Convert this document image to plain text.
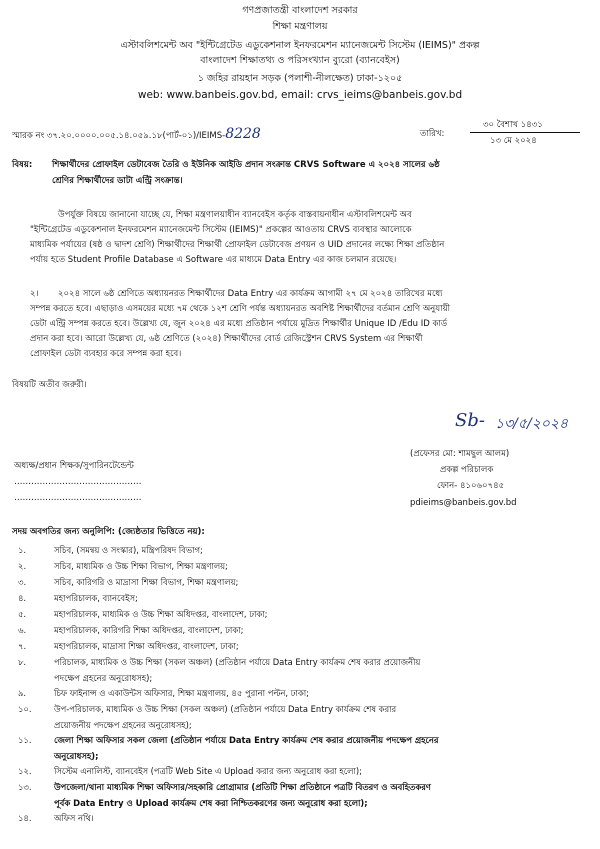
গণপ্রজাতন্ত্রী বাংলাদেশ সরকার
শিক্ষা মন্ত্রণালয়
এস্টাবলিশমেন্ট অব "ইন্টিগ্রেটেড এডুকেশনাল ইনফরমেশন ম্যানেজমেন্ট সিস্টেম (IEIMS)" প্রকল্প
বাংলাদেশ শিক্ষাতথ্য ও পরিসংখ্যান ব্যুরো (ব্যানবেইস)
১ জহির রায়হান সড়ক (পলাশী-নীলক্ষেত) ঢাকা-১২০৫
web: www.banbeis.gov.bd, email: crvs_ieims@banbeis.gov.bd
স্মারক নং ৩৭.২০.০০০০.০০৫.১৪.০৫৯.১৮(পার্ট-০১)/IEIMS-8228	তারিখ:
৩০ বৈশাখ ১৪৩১
১৩ মে ২০২৪
বিষয়: শিক্ষার্থীদের প্রোফাইল ডেটাবেজ তৈরি ও ইউনিক আইডি প্রদান সংক্রান্ত CRVS Software এ ২০২৪ সালের ৬ষ্ঠ
শ্রেণির শিক্ষার্থীদের ডাটা এন্ট্রি সংক্রান্ত।
উপর্যুক্ত বিষয়ে জানানো যাচ্ছে যে, শিক্ষা মন্ত্রণালয়াধীন ব্যানবেইস কর্তৃক বাস্তবায়নাধীন এস্টাবলিশমেন্ট অব
"ইন্টিগ্রেটেড এডুকেশনাল ইনফরমেশন ম্যানেজমেন্ট সিস্টেম (IEIMS)" প্রকল্পের আওতায় CRVS ব্যবস্থার আলোকে
মাধ্যমিক পর্যায়ের (ষষ্ঠ ও দ্বাদশ শ্রেণি) শিক্ষার্থীদের শিক্ষার্থী প্রোফাইল ডেটাবেজ প্রণয়ন ও UID প্রদানের লক্ষ্যে শিক্ষা প্রতিষ্ঠান
পর্যায় হতে Student Profile Database এ Software এর মাধ্যমে Data Entry এর কাজ চলমান রয়েছে।
২।	২০২৪ সালে ৬ষ্ঠ শ্রেণিতে অধ্যায়নরত শিক্ষার্থীদের Data Entry এর কার্যক্রম আগামী ২৭ মে ২০২৪ তারিখের মধ্যে
সম্পন্ন করতে হবে। এছাড়াও এসময়ের মধ্যে ৭ম থেকে ১২শ শ্রেণি পর্যন্ত অধ্যায়নরত অবশিষ্ট শিক্ষার্থীদের বর্তমান শ্রেণি অনুযায়ী
ডেটা এন্ট্রি সম্পন্ন করতে হবে। উল্লেখ্য যে, জুন ২০২৪ এর মধ্যে প্রতিষ্ঠান পর্যায়ে মুদ্রিত শিক্ষার্থীর Unique ID /Edu ID কার্ড
প্রদান করা হবে। আরো উল্লেখ্য যে, ৬ষ্ঠ শ্রেণিতে (২০২৪) শিক্ষার্থীদের বোর্ড রেজিস্ট্রেশন CRVS System এর শিক্ষার্থী
প্রোফাইল ডেটা ব্যবহার করে সম্পন্ন করা হবে।
বিষয়টি অতীব জরুরী।
Sb- ১৩/৫/২০২৪
(প্রফেসর মো: শামছুল আলম)
প্রকল্প পরিচালক
ফোন- ৪১০৬০৭৪৫
pdieims@banbeis.gov.bd
অধ্যক্ষ/প্রধান শিক্ষক/সুপারিনটেন্ডেন্ট
………………………………………
………………………………………
সদয় অবগতির জন্য অনুলিপি: (জ্যেষ্ঠতার ভিত্তিতে নয়):
১.	সচিব, (সমন্বয় ও সংস্কার), মন্ত্রিপরিষদ বিভাগ;
২.	সচিব, মাধ্যমিক ও উচ্চ শিক্ষা বিভাগ, শিক্ষা মন্ত্রণালয়;
৩.	সচিব, কারিগরি ও মাদ্রাসা শিক্ষা বিভাগ, শিক্ষা মন্ত্রণালয়;
৪.	মহাপরিচালক, ব্যানবেইস;
৫.	মহাপরিচালক, মাধ্যমিক ও উচ্চ শিক্ষা অধিদপ্তর, বাংলাদেশ, ঢাকা;
৬.	মহাপরিচালক, কারিগরি শিক্ষা অধিদপ্তর, বাংলাদেশ, ঢাকা;
৭.	মহাপরিচালক, মাদ্রাসা শিক্ষা অধিদপ্তর, বাংলাদেশ, ঢাকা;
৮.	পরিচালক, মাধ্যমিক ও উচ্চ শিক্ষা (সকল অঞ্চল) (প্রতিষ্ঠান পর্যায়ে Data Entry কার্যক্রম শেষ করার প্রয়োজনীয়
পদক্ষেপ গ্রহনের অনুরোধসহ);
৯.	চিফ ফাইনান্স ও একাউন্টস অফিসার, শিক্ষা মন্ত্রণালয়, ৪৫ পুরানা পল্টন, ঢাকা;
১০.	উপ-পরিচালক, মাধ্যমিক ও উচ্চ শিক্ষা (সকল অঞ্চল) (প্রতিষ্ঠান পর্যায়ে Data Entry কার্যক্রম শেষ করার
প্রয়োজনীয় পদক্ষেপ গ্রহনের অনুরোধসহ);
১১.	জেলা শিক্ষা অফিসার সকল জেলা (প্রতিষ্ঠান পর্যায়ে Data Entry কার্যক্রম শেষ করার প্রয়োজনীয় পদক্ষেপ গ্রহনের
অনুরোধসহ);
১২.	সিস্টেম এনালিস্ট, ব্যানবেইস (পত্রটি Web Site এ Upload করার জন্য অনুরোধ করা হলো);
১৩.	উপজেলা/থানা মাধ্যমিক শিক্ষা অফিসার/সহকারি প্রোগ্রামার (প্রতিটি শিক্ষা প্রতিষ্ঠানে পত্রটি বিতরণ ও অবহিতকরণ
পূর্বক Data Entry ও Upload কার্যক্রম শেষ করা নিশ্চিতকরণের জন্য অনুরোধ করা হলো);
১৪.	অফিস নথি।
